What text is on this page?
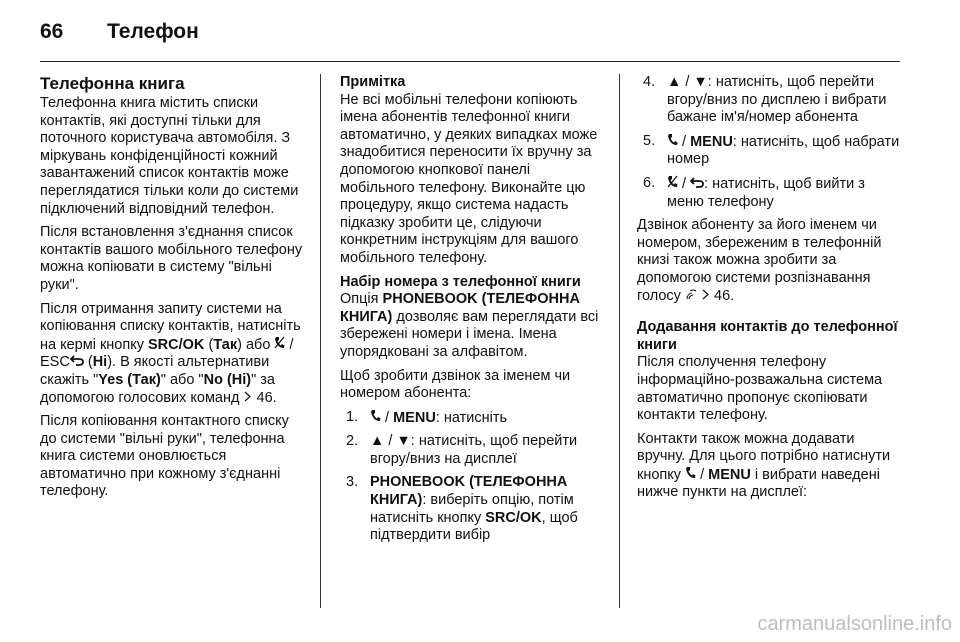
66 Телефон
Телефонна книга

Телефонна книга містить списки контактів, які доступні тільки для поточного користувача автомобіля. З міркувань конфіденційності кожний завантажений список контактів може переглядатися тільки коли до системи підключений відповідний телефон.

Після встановлення з'єднання список контактів вашого мобільного телефону можна копіювати в систему "вільні руки".

Після отримання запиту системи на копіювання списку контактів, натисніть на кермі кнопку SRC/OK (Так) або  / ESC (Ні). В якості альтернативи скажіть "Yes (Так)" або "No (Ні)" за допомогою голосових команд  46.

Після копіювання контактного списку до системи "вільні руки", телефонна книга системи оновлюється автоматично при кожному з'єднанні телефону.

Примітка

Не всі мобільні телефони копіюють імена абонентів телефонної книги автоматично, у деяких випадках може знадобитися переносити їх вручну за допомогою кнопкової панелі мобільного телефону. Виконайте цю процедуру, якщо система надасть підказку зробити це, слідуючи конкретним інструкціям для вашого мобільного телефону.

Набір номера з телефонної книги

Опція PHONEBOOK (ТЕЛЕФОННА КНИГА) дозволяє вам переглядати всі збережені номери і імена. Імена упорядковані за алфавітом.

Щоб зробити дзвінок за іменем чи номером абонента:

1.	/ MENU: натисніть
2. ▲ / ▼: натисніть, щоб перейти вгору/вниз на дисплеї
3. PHONEBOOK (ТЕЛЕФОННА КНИГА): виберіть опцію, потім натисніть кнопку SRC/OK, щоб підтвердити вибір
4. ▲ / ▼: натисніть, щоб перейти вгору/вниз по дисплею і вибрати бажане ім'я/номер абонента
5.	/ MENU: натисніть, щоб набрати номер
6.	/ : натисніть, щоб вийти з меню телефону

Дзвінок абоненту за його іменем чи номером, збереженим в телефонній книзі також можна зробити за допомогою системи розпізнавання голосу   46.

Додавання контактів до телефонної книги

Після сполучення телефону інформаційно-розважальна система автоматично пропонує скопіювати контакти телефону.

Контакти також можна додавати вручну. Для цього потрібно натиснути кнопку  / MENU і вибрати наведені нижче пункти на дисплеї:

carmanualsonline.info
